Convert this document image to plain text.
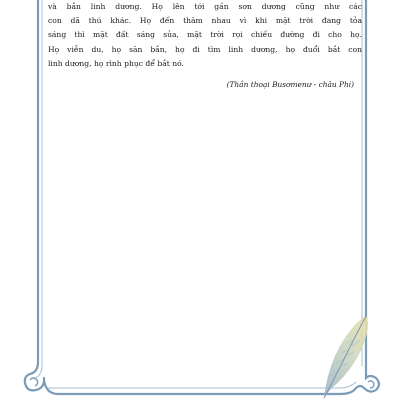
và bắn linh dương. Họ lên tới gần sơn dương cũng như các
con dã thú khác. Họ đến thăm nhau vì khi mặt trời đang tỏa
sáng thì mặt đất sáng sủa, mặt trời rọi chiếu đường đi cho họ.
Họ viễn du, họ săn bắn, họ đi tìm linh dương, họ đuổi bắt con
linh dương, họ rình phục để bắt nó.
(Thần thoại Busơmenư - châu Phi)
